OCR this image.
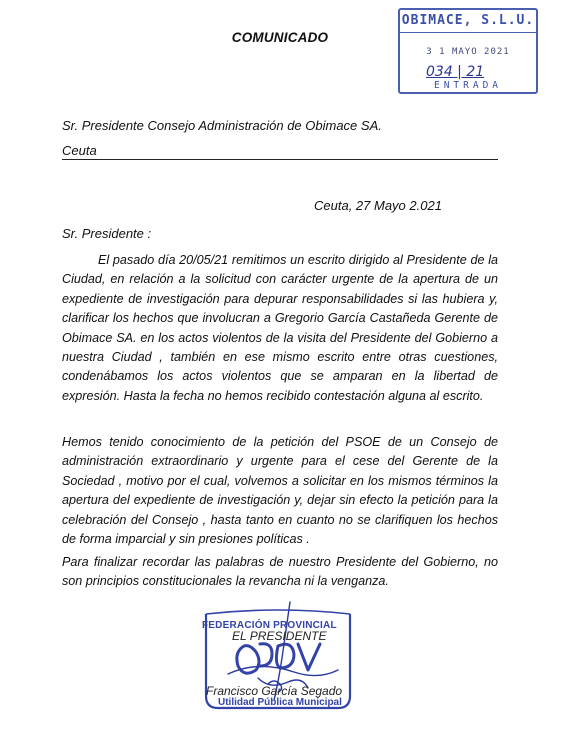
COMUNICADO
OBIMACE, S.L.U.
3 1 MAYO 2021
034 | 21
ENTRADA
Sr. Presidente Consejo Administración de Obimace SA.
Ceuta
Ceuta, 27 Mayo 2.021
Sr. Presidente :
El pasado día 20/05/21 remitimos un escrito dirigido al Presidente de la Ciudad, en relación a la solicitud con carácter urgente de la apertura de un expediente de investigación para depurar responsabilidades si las hubiera y, clarificar los hechos que involucran a Gregorio García Castañeda Gerente de Obimace SA. en los actos violentos de la visita del Presidente del Gobierno a nuestra Ciudad , también en ese mismo escrito entre otras cuestiones, condenábamos los actos violentos que se amparan en la libertad de expresión. Hasta la fecha no hemos recibido contestación alguna al escrito.
Hemos tenido conocimiento de la petición del PSOE de un Consejo de administración extraordinario y urgente para el cese del Gerente de la Sociedad , motivo por el cual, volvemos a solicitar en los mismos términos la apertura del expediente de investigación y, dejar sin efecto la petición para la celebración del Consejo , hasta tanto en cuanto no se clarifiquen los hechos de forma imparcial y sin presiones políticas .
Para finalizar recordar las palabras de nuestro Presidente del Gobierno, no son principios constitucionales la revancha ni la venganza.
FEDERACIÓN PROVINCIAL
EL PRESIDENTE
Francisco García Segado
Utilidad Pública Municipal
